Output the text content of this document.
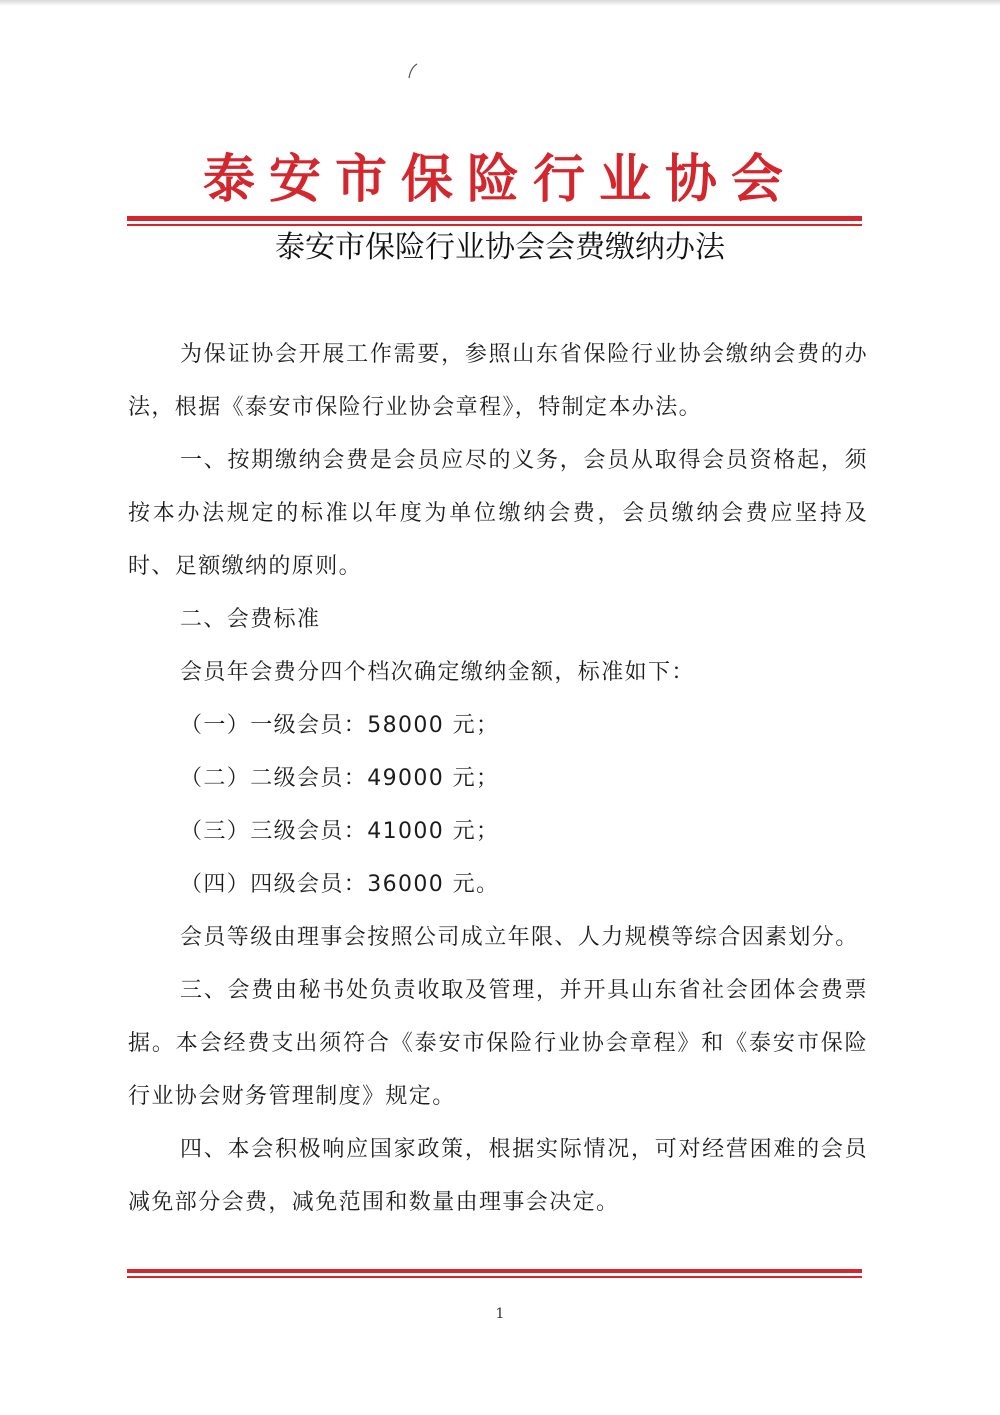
泰安市保险行业协会
泰安市保险行业协会会费缴纳办法

为保证协会开展工作需要，参照山东省保险行业协会缴纳会费的办法，根据《泰安市保险行业协会章程》，特制定本办法。

一、按期缴纳会费是会员应尽的义务，会员从取得会员资格起，须按本办法规定的标准以年度为单位缴纳会费，会员缴纳会费应坚持及时、足额缴纳的原则。

二、会费标准

会员年会费分四个档次确定缴纳金额，标准如下：

（一）一级会员：58000 元；

（二）二级会员：49000 元；

（三）三级会员：41000 元；

（四）四级会员：36000 元。

会员等级由理事会按照公司成立年限、人力规模等综合因素划分。

三、会费由秘书处负责收取及管理，并开具山东省社会团体会费票据。本会经费支出须符合《泰安市保险行业协会章程》和《泰安市保险行业协会财务管理制度》规定。

四、本会积极响应国家政策，根据实际情况，可对经营困难的会员减免部分会费，减免范围和数量由理事会决定。

1
